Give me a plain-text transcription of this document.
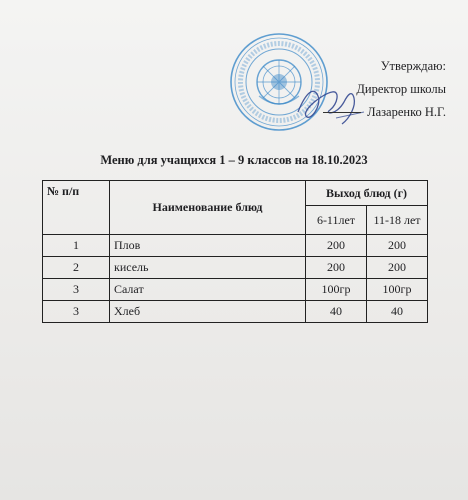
Утверждаю:
Директор школы
Лазаренко Н.Г.
Меню для учащихся 1 – 9 классов на 18.10.2023
№ п/п	Наименование блюд	Выход блюд (г)	
		6-11лет	11-18 лет
1	Плов	200	200
2	кисель	200	200
3	Салат	100гр	100гр
3	Хлеб	40	40
